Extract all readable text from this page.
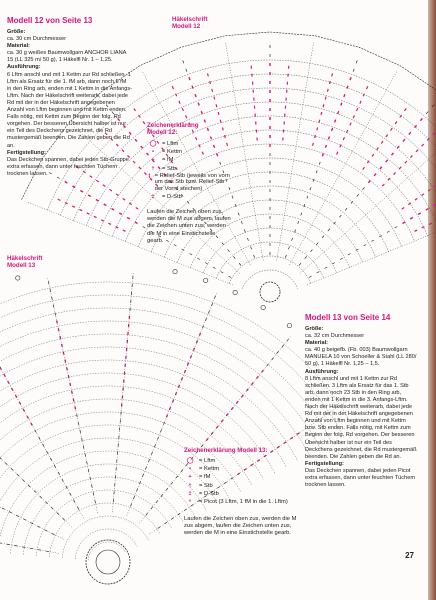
Modell 12 von Seite 13
Größe:
ca. 30 cm Durchmesser
Material:
ca. 30 g weißes Baumwollgarn ANCHOR LIANA 15 (LL 325 m/ 50 g), 1 Häkelfl Nr. 1 – 1,25.
Ausführung:
6 Lftm anschl und mit 1 Kettm zur Rd schließen. 1 Lftm als Ersatz für die 1. fM arb, dann noch 5 fM in den Ring arb, enden mit 1 Kettm in die Anfangs-Lftm. Nach der Häkelschrift weiterarb, dabei jede Rd mit der in der Häkelschrift angegebenen Anzahl von Lftm beginnen und mit Kettm enden. Falls nötig, mit Kettm zum Beginn der folg. Rd vorgehen. Der besseren Übersicht halber ist nur ein Teil des Deckchens gezeichnet, die Rd mustergemäß beenden. Die Zahlen geben die Rd an.
Fertigstellung:
Das Deckchen spannen, dabei jeden Stb-Gruppe extra erfassen, dann unter feuchten Tüchern trocknen lassen.
Häkelschrift
Modell 12
Zeichenerklärung
Modell 12:
◯ = Lftm
•	= Kettm
+	= fM
†	= Stb
ƫ = Relief-Stb (jeweils von vorn um das Stb bzw. Relief-Stb der Vorrd stechen)
‡	= D-Stb
Laufen die Zeichen oben zus, werden die M zus abgem, laufen die Zeichen unten zus, werden die M in eine Einstichstelle gearb.
Häkelschrift
Modell 13
Modell 13 von Seite 14
Größe:
ca. 32 cm Durchmesser
Material:
ca. 40 g beigefb. (Fb. 003) Baumwollgarn MANUELA 10 von Schoeller & Stahl (LL 280/ 50 g), 1 Häkelfl Nr. 1,25 – 1,5.
Ausführung:
8 Lftm anschl und mit 1 Kettm zur Rd schließen. 3 Lftm als Ersatz für das 1. Stb arb, dann noch 23 Stb in den Ring arb, enden mit 1 Kettm in die 3. Anfangs-Lftm. Nach der Häkelschrift weiterarb, dabei jede Rd mit der in der Häkelschrift angegebenen Anzahl von Lftm beginnen und mit Kettm bzw. Stb enden. Falls nötig, mit Kettm zum Beginn der folg. Rd vorgehen. Der besseren Übersicht halber ist nur ein Teil des Deckchens gezeichnet, die Rd mustergemäß beenden. Die Zahlen geben die Rd an.
Fertigstellung:
Das Deckchen spannen, dabei jeden Picot extra erfassen, dann unter feuchten Tüchern trocknen lassen.
Zeichenerklärung Modell 13:
◯ = Lftm
•	= Kettm
+	= fM
†	= Stb
‡	= D-Stb
ᵒ	= Picot (3 Lftm, 1 fM in die 1. Lftm)
Laufen die Zeichen oben zus, werden die M zus abgem, laufen die Zeichen unten zus, werden die M in eine Einstichstelle gearb.
27
